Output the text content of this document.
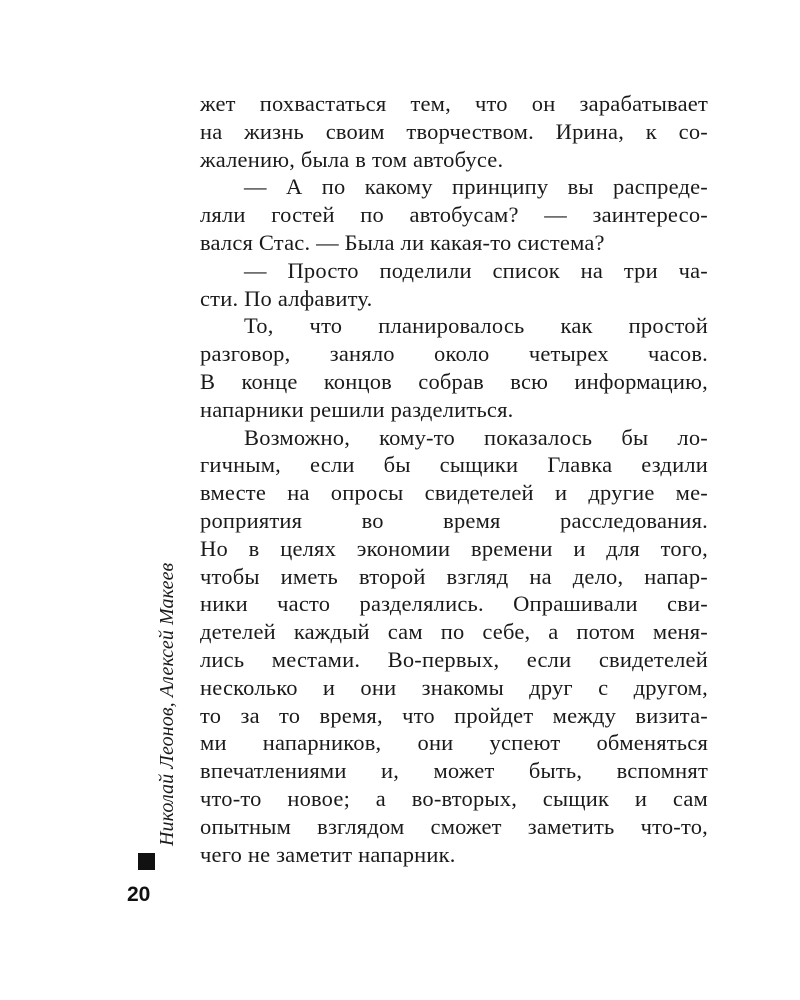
жет похвастаться тем, что он зарабатывает
на жизнь своим творчеством. Ирина, к со-
жалению, была в том автобусе.
— А по какому принципу вы распреде-
ляли гостей по автобусам? — заинтересо-
вался Стас. — Была ли какая-то система?
— Просто поделили список на три ча-
сти. По алфавиту.
То, что планировалось как простой
разговор, заняло около четырех часов.
В конце концов собрав всю информацию,
напарники решили разделиться.
Возможно, кому-то показалось бы ло-
гичным, если бы сыщики Главка ездили
вместе на опросы свидетелей и другие ме-
роприятия во время расследования.
Но в целях экономии времени и для того,
чтобы иметь второй взгляд на дело, напар-
ники часто разделялись. Опрашивали сви-
детелей каждый сам по себе, а потом меня-
лись местами. Во-первых, если свидетелей
несколько и они знакомы друг с другом,
то за то время, что пройдет между визита-
ми напарников, они успеют обменяться
впечатлениями и, может быть, вспомнят
что-то новое; а во-вторых, сыщик и сам
опытным взглядом сможет заметить что-то,
чего не заметит напарник.
Николай Леонов, Алексей Макеев
20
